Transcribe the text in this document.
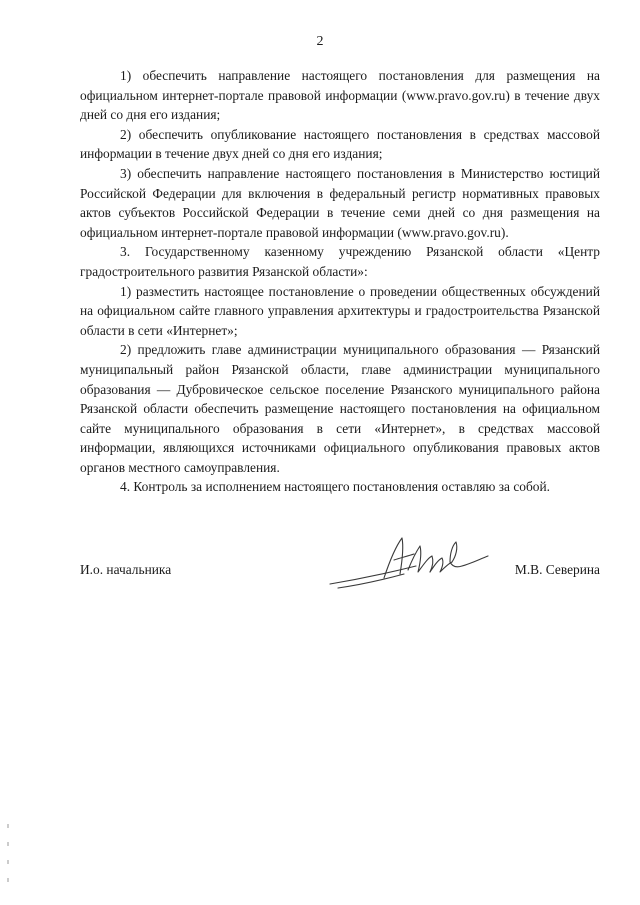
2

1) обеспечить направление настоящего постановления для размещения на официальном интернет-портале правовой информации (www.pravo.gov.ru) в течение двух дней со дня его издания;

2) обеспечить опубликование настоящего постановления в средствах массовой информации в течение двух дней со дня его издания;

3) обеспечить направление настоящего постановления в Министерство юстиций Российской Федерации для включения в федеральный регистр нормативных правовых актов субъектов Российской Федерации в течение семи дней со дня размещения на официальном интернет-портале правовой информации (www.pravo.gov.ru).

3. Государственному казенному учреждению Рязанской области «Центр градостроительного развития Рязанской области»:

1) разместить настоящее постановление о проведении общественных обсуждений на официальном сайте главного управления архитектуры и градостроительства Рязанской области в сети «Интернет»;

2) предложить главе администрации муниципального образования — Рязанский муниципальный район Рязанской области, главе администрации муниципального образования — Дубровическое сельское поселение Рязанского муниципального района Рязанской области обеспечить размещение настоящего постановления на официальном сайте муниципального образования в сети «Интернет», в средствах массовой информации, являющихся источниками официального опубликования правовых актов органов местного самоуправления.

4. Контроль за исполнением настоящего постановления оставляю за собой.

И.о. начальника	М.В. Северина
